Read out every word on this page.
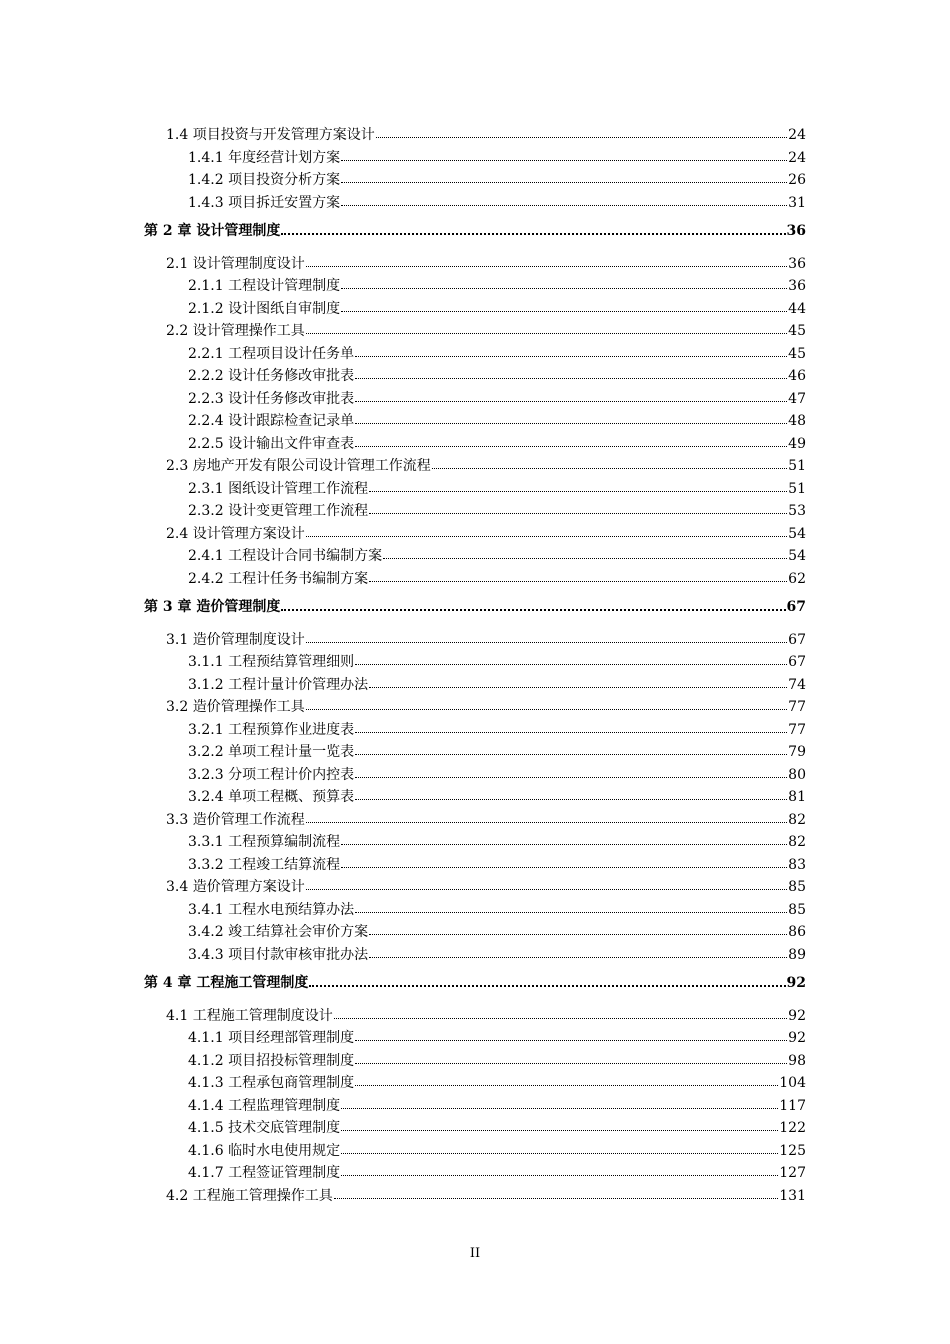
1.4 项目投资与开发管理方案设计	24
1.4.1 年度经营计划方案	24
1.4.2 项目投资分析方案	26
1.4.3 项目拆迁安置方案	31
第 2 章 设计管理制度	36
2.1 设计管理制度设计	36
2.1.1 工程设计管理制度	36
2.1.2 设计图纸自审制度	44
2.2 设计管理操作工具	45
2.2.1 工程项目设计任务单	45
2.2.2 设计任务修改审批表	46
2.2.3 设计任务修改审批表	47
2.2.4 设计跟踪检查记录单	48
2.2.5 设计输出文件审查表	49
2.3 房地产开发有限公司设计管理工作流程	51
2.3.1 图纸设计管理工作流程	51
2.3.2 设计变更管理工作流程	53
2.4 设计管理方案设计	54
2.4.1 工程设计合同书编制方案	54
2.4.2 工程计任务书编制方案	62
第 3 章 造价管理制度	67
3.1 造价管理制度设计	67
3.1.1 工程预结算管理细则	67
3.1.2 工程计量计价管理办法	74
3.2 造价管理操作工具	77
3.2.1 工程预算作业进度表	77
3.2.2 单项工程计量一览表	79
3.2.3 分项工程计价内控表	80
3.2.4 单项工程概、预算表	81
3.3 造价管理工作流程	82
3.3.1 工程预算编制流程	82
3.3.2 工程竣工结算流程	83
3.4 造价管理方案设计	85
3.4.1 工程水电预结算办法	85
3.4.2 竣工结算社会审价方案	86
3.4.3 项目付款审核审批办法	89
第 4 章 工程施工管理制度	92
4.1 工程施工管理制度设计	92
4.1.1 项目经理部管理制度	92
4.1.2 项目招投标管理制度	98
4.1.3 工程承包商管理制度	104
4.1.4 工程监理管理制度	117
4.1.5 技术交底管理制度	122
4.1.6 临时水电使用规定	125
4.1.7 工程签证管理制度	127
4.2 工程施工管理操作工具	131
II
